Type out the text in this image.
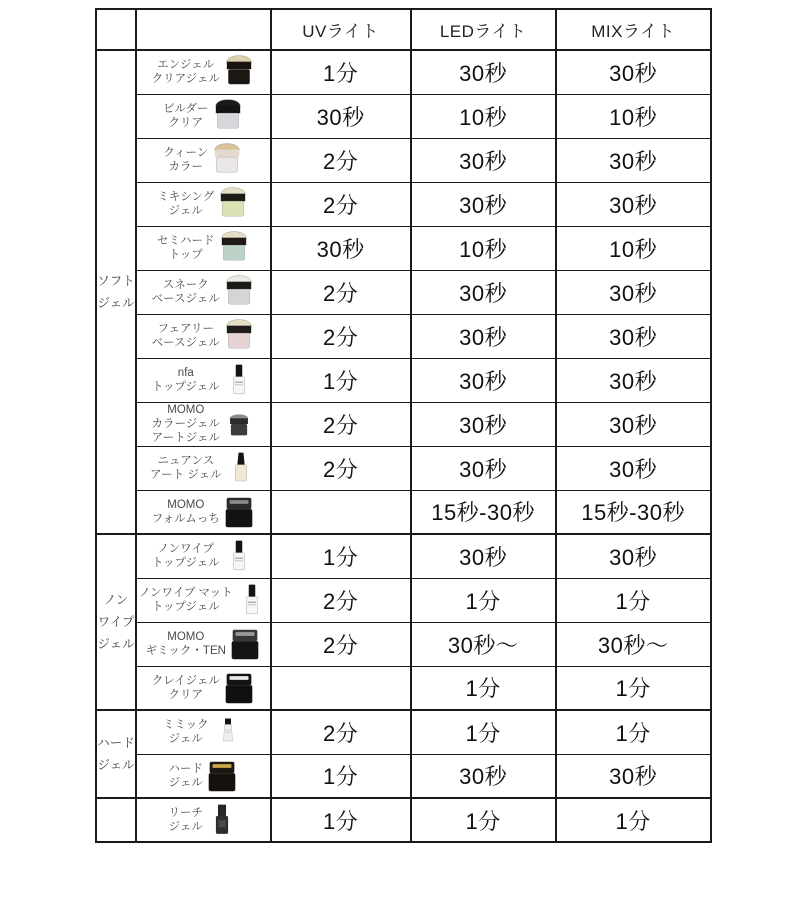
		UVライト	LEDライト	MIXライト

ソフト
ジェル

エンジェル
クリアジェル	1分	30秒	30秒

	ビルダー
クリア	30秒	10秒	10秒

	クィーン
カラー	2分	30秒	30秒

	ミキシング
ジェル	2分	30秒	30秒

	セミハード
トップ	30秒	10秒	10秒

	スネーク
ベースジェル	2分	30秒	30秒

	フェアリー
ベースジェル	2分	30秒	30秒

	nfa
トップジェル	1分	30秒	30秒

	MOMO
カラージェル
アートジェル	2分	30秒	30秒

	ニュアンス
アート ジェル	2分	30秒	30秒

	MOMO
フォルムっち		15秒-30秒	15秒-30秒

ノン
ワイプ
ジェル

ノンワイプ
トップジェル	1分	30秒	30秒

	ノンワイプ マット
トップジェル	2分	1分	1分

	MOMO
ギミック・TEN	2分	30秒～	30秒～

	クレイジェル
クリア		1分	1分

ハード
ジェル

ミミック
ジェル	2分	1分	1分

	ハード
ジェル	1分	30秒	30秒

	リーチ
ジェル	1分	1分	1分
